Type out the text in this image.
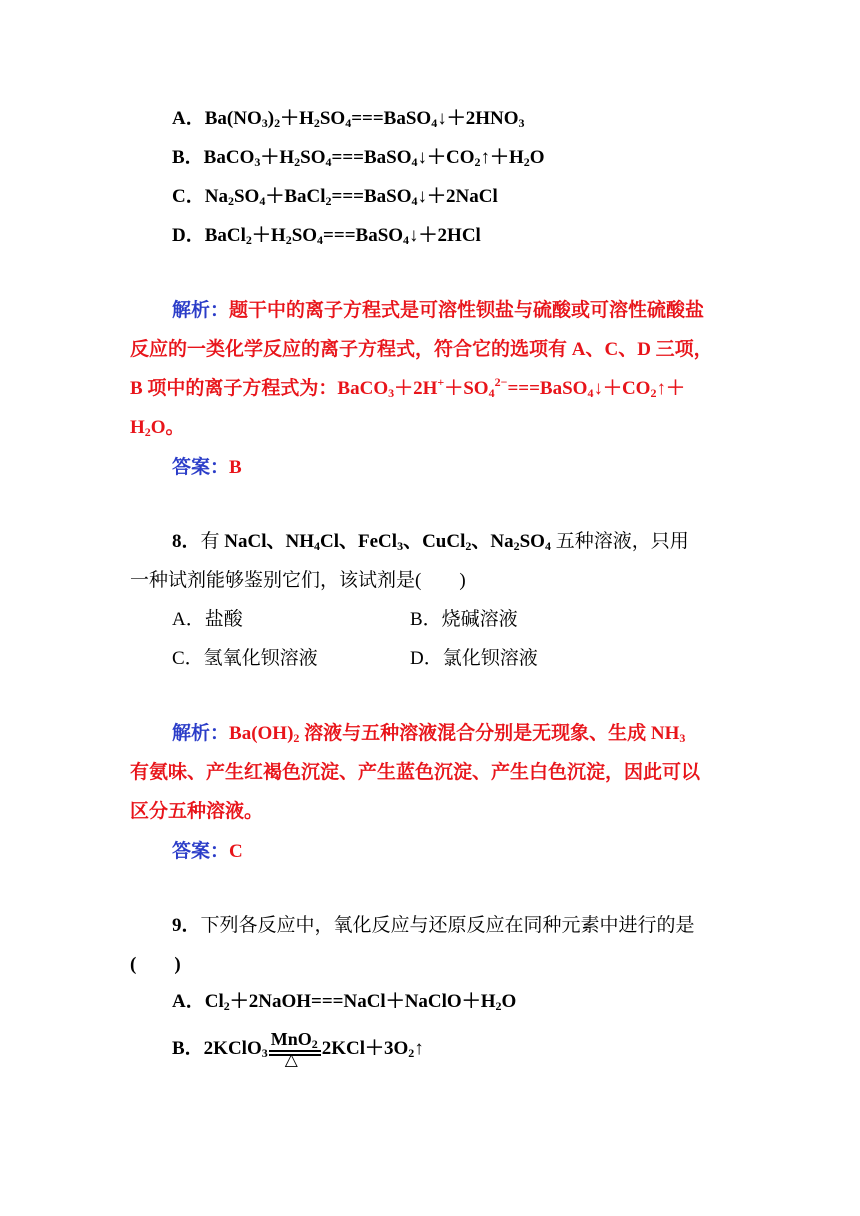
A．$Ba(NO_3)_2+H_2SO_4===BaSO_4↓+2HNO_3$
B．$BaCO_3+H_2SO_4===BaSO_4↓+CO_2↑+H_2O$
C．$Na_2SO_4+BaCl_2===BaSO_4↓+2NaCl$
D．$BaCl_2+H_2SO_4===BaSO_4↓+2HCl$
解析：题干中的离子方程式是可溶性钡盐与硫酸或可溶性硫酸盐
反应的一类化学反应的离子方程式，符合它的选项有 A、C、D 三项，
B 项中的离子方程式为：$BaCO_3+2H^++SO_4^{2-}===BaSO_4↓+CO_2↑+$
$H_2O$。
答案：B
8．有 NaCl、$NH_4Cl$、FeCl$_3$、CuCl$_2$、$Na_2SO_4$ 五种溶液，只用
一种试剂能够鉴别它们，该试剂是(　　)
A．盐酸	B．烧碱溶液
C．氢氧化钡溶液	D．氯化钡溶液
解析：$Ba(OH)_2$ 溶液与五种溶液混合分别是无现象、生成 $NH_3$
有氨味、产生红褐色沉淀、产生蓝色沉淀、产生白色沉淀，因此可以
区分五种溶液。
答案：C
9．下列各反应中，氧化反应与还原反应在同种元素中进行的是
(　　)
A．$Cl_2+2NaOH===NaCl+NaClO+H_2O$
B．2KClO$_3$
MnO$_2$
△
$2KCl+3O_2↑$
